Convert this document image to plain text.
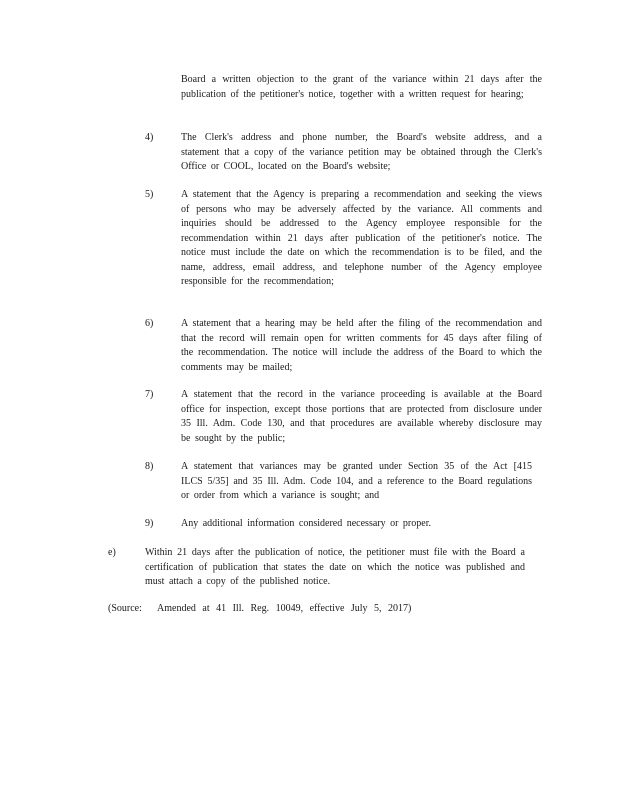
Board a written objection to the grant of the variance within 21 days after the publication of the petitioner's notice, together with a written request for hearing;

4)	The Clerk's address and phone number, the Board's website address, and a statement that a copy of the variance petition may be obtained through the Clerk's Office or COOL, located on the Board's website;

5)	A statement that the Agency is preparing a recommendation and seeking the views of persons who may be adversely affected by the variance. All comments and inquiries should be addressed to the Agency employee responsible for the recommendation within 21 days after publication of the petitioner's notice. The notice must include the date on which the recommendation is to be filed, and the name, address, email address, and telephone number of the Agency employee responsible for the recommendation;

6)	A statement that a hearing may be held after the filing of the recommendation and that the record will remain open for written comments for 45 days after filing of the recommendation. The notice will include the address of the Board to which the comments may be mailed;

7)	A statement that the record in the variance proceeding is available at the Board office for inspection, except those portions that are protected from disclosure under 35 Ill. Adm. Code 130, and that procedures are available whereby disclosure may be sought by the public;

8)	A statement that variances may be granted under Section 35 of the Act [415 ILCS 5/35] and 35 Ill. Adm. Code 104, and a reference to the Board regulations or order from which a variance is sought; and

9)	Any additional information considered necessary or proper.

e)	Within 21 days after the publication of notice, the petitioner must file with the Board a certification of publication that states the date on which the notice was published and must attach a copy of the published notice.

(Source: Amended at 41 Ill. Reg. 10049, effective July 5, 2017)
